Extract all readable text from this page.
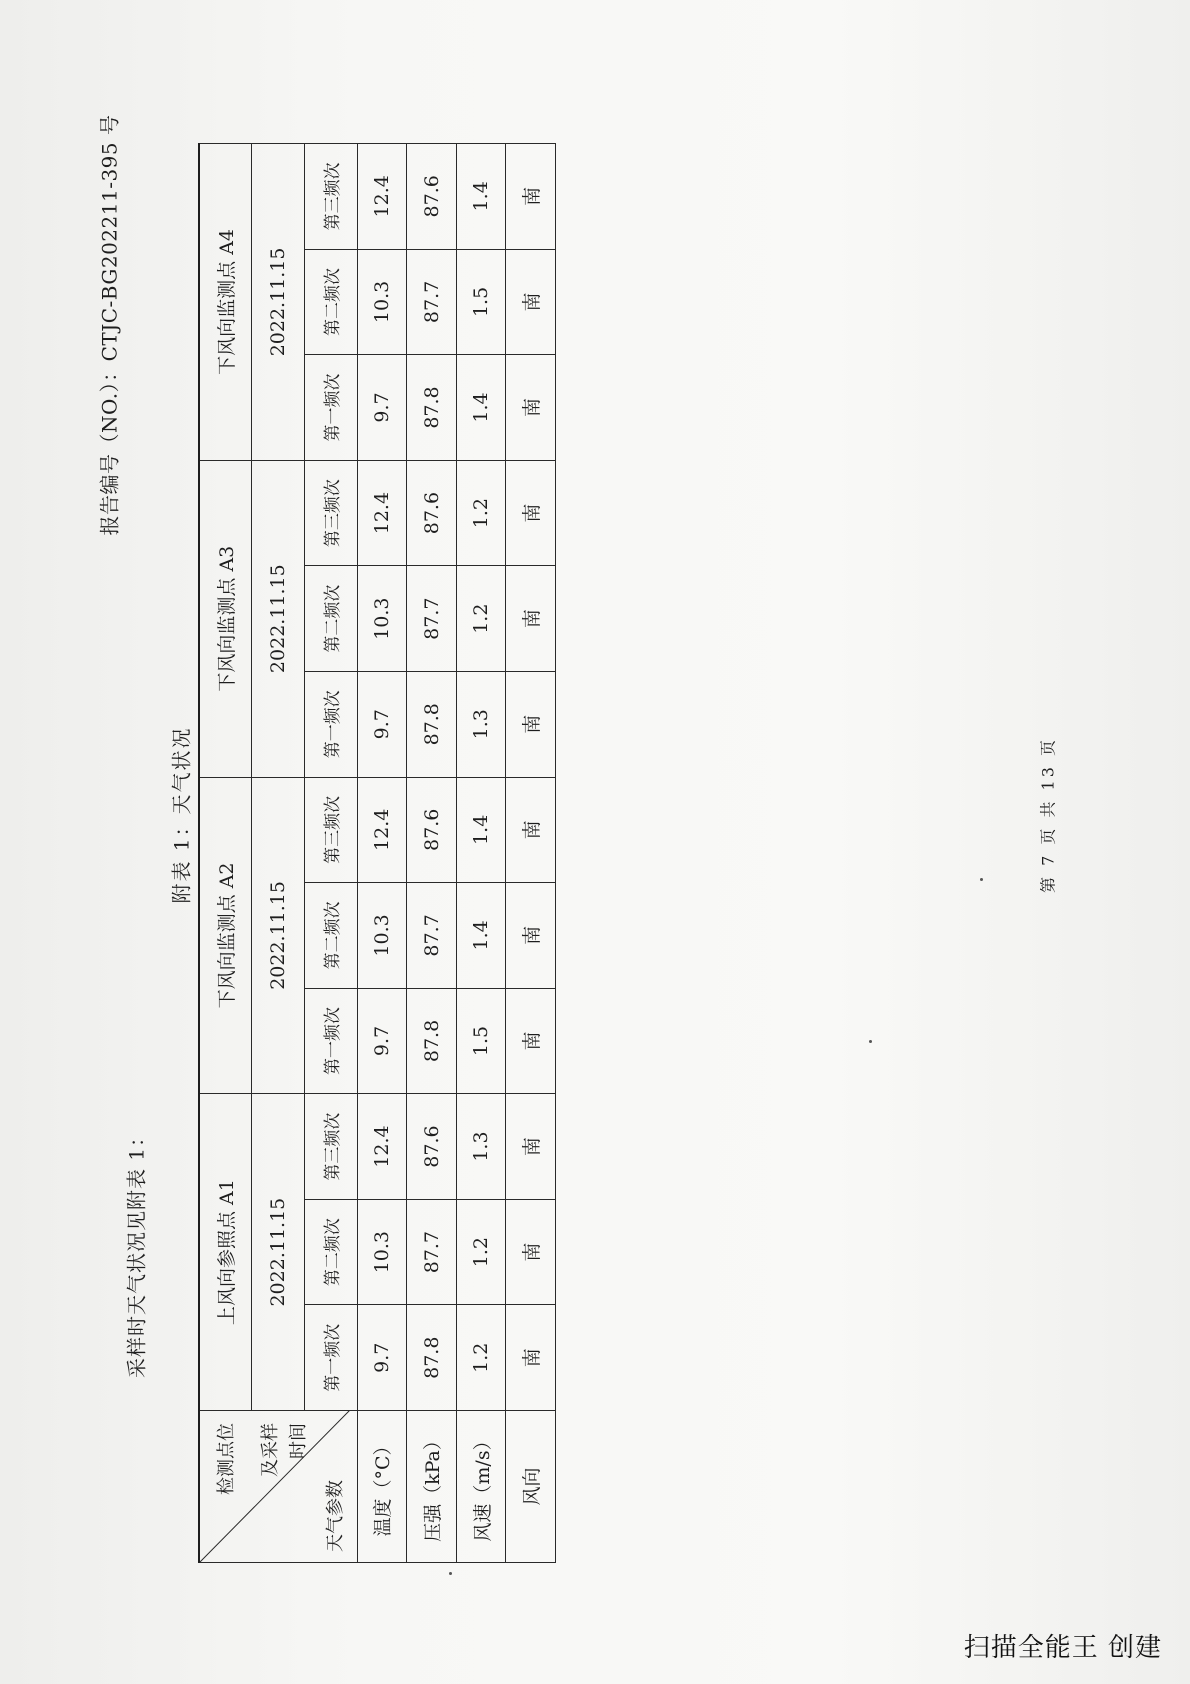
报告编号（NO.）：CTJC-BG202211-395 号
采样时天气状况见附表 1：
附表 1：天气状况
检测点位 及采样 时间
天气参数	上风向参照点 A1			下风向监测点 A2			下风向监测点 A3			下风向监测点 A4		
	2022.11.15			2022.11.15			2022.11.15			2022.11.15		
	第一频次	第二频次	第三频次	第一频次	第二频次	第三频次	第一频次	第二频次	第三频次	第一频次	第二频次	第三频次
温度（°C）	9.7	10.3	12.4	9.7	10.3	12.4	9.7	10.3	12.4	9.7	10.3	12.4
压强（kPa）	87.8	87.7	87.6	87.8	87.7	87.6	87.8	87.7	87.6	87.8	87.7	87.6
风速（m/s）	1.2	1.2	1.3	1.5	1.4	1.4	1.3	1.2	1.2	1.4	1.5	1.4
风向	南	南	南	南	南	南	南	南	南	南	南	南
第 7 页 共 13 页
扫描全能王 创建
